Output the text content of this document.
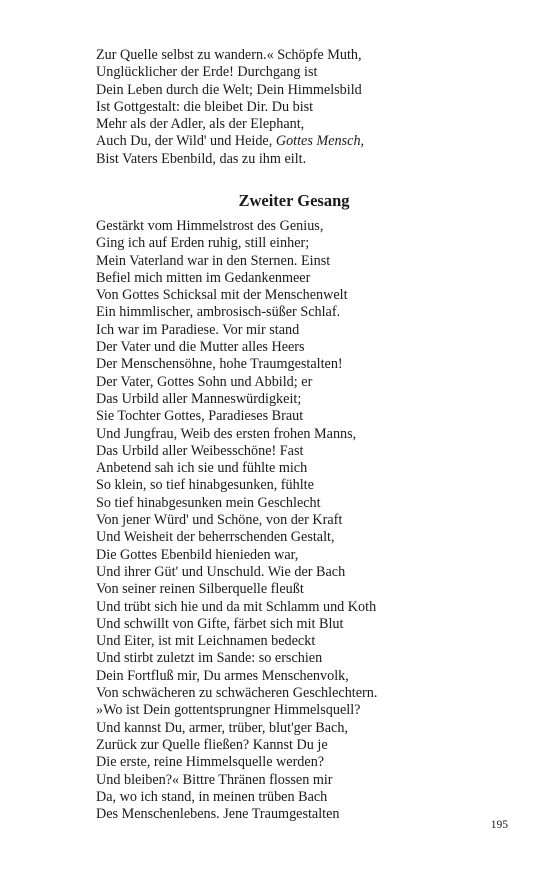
Zur Quelle selbst zu wandern.« Schöpfe Muth,
Unglücklicher der Erde! Durchgang ist
Dein Leben durch die Welt; Dein Himmelsbild
Ist Gottgestalt: die bleibet Dir. Du bist
Mehr als der Adler, als der Elephant,
Auch Du, der Wild' und Heide, Gottes Mensch,
Bist Vaters Ebenbild, das zu ihm eilt.
Zweiter Gesang
Gestärkt vom Himmelstrost des Genius,
Ging ich auf Erden ruhig, still einher;
Mein Vaterland war in den Sternen. Einst
Befiel mich mitten im Gedankenmeer
Von Gottes Schicksal mit der Menschenwelt
Ein himmlischer, ambrosisch-süßer Schlaf.
Ich war im Paradiese. Vor mir stand
Der Vater und die Mutter alles Heers
Der Menschensöhne, hohe Traumgestalten!
Der Vater, Gottes Sohn und Abbild; er
Das Urbild aller Manneswürdigkeit;
Sie Tochter Gottes, Paradieses Braut
Und Jungfrau, Weib des ersten frohen Manns,
Das Urbild aller Weibesschöne! Fast
Anbetend sah ich sie und fühlte mich
So klein, so tief hinabgesunken, fühlte
So tief hinabgesunken mein Geschlecht
Von jener Würd' und Schöne, von der Kraft
Und Weisheit der beherrschenden Gestalt,
Die Gottes Ebenbild hienieden war,
Und ihrer Güt' und Unschuld. Wie der Bach
Von seiner reinen Silberquelle fleußt
Und trübt sich hie und da mit Schlamm und Koth
Und schwillt von Gifte, färbet sich mit Blut
Und Eiter, ist mit Leichnamen bedeckt
Und stirbt zuletzt im Sande: so erschien
Dein Fortfluß mir, Du armes Menschenvolk,
Von schwächeren zu schwächeren Geschlechtern.
»Wo ist Dein gottentsprungner Himmelsquell?
Und kannst Du, armer, trüber, blut'ger Bach,
Zurück zur Quelle fließen? Kannst Du je
Die erste, reine Himmelsquelle werden?
Und bleiben?« Bittre Thränen flossen mir
Da, wo ich stand, in meinen trüben Bach
Des Menschenlebens. Jene Traumgestalten
195
